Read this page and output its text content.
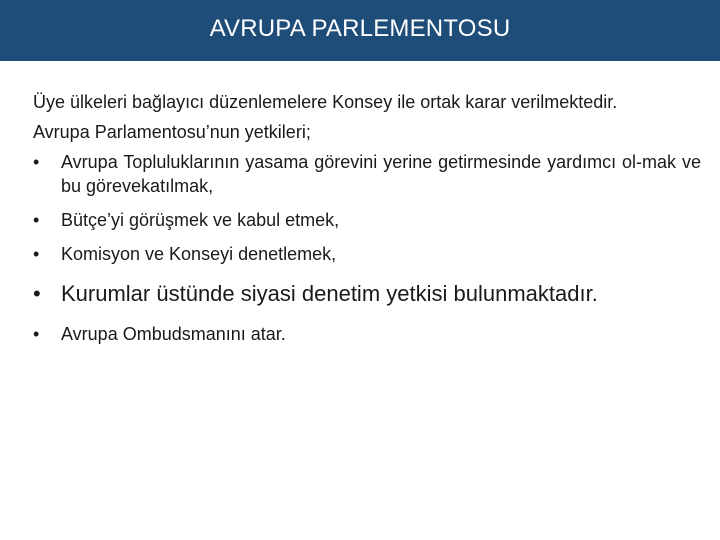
AVRUPA PARLEMENTOSU

Üye ülkeleri bağlayıcı düzenlemelere Konsey ile ortak karar verilmektedir.

Avrupa Parlamentosu’nun yetkileri;

•	Avrupa Topluluklarının yasama görevini yerine getirmesinde yardımcı ol-mak ve bu görevekatılmak,
•	Bütçe’yi görüşmek ve kabul etmek,
•	Komisyon ve Konseyi denetlemek,
• Kurumlar üstünde siyasi denetim yetkisi bulunmaktadır.
•	Avrupa Ombudsmanını atar.
